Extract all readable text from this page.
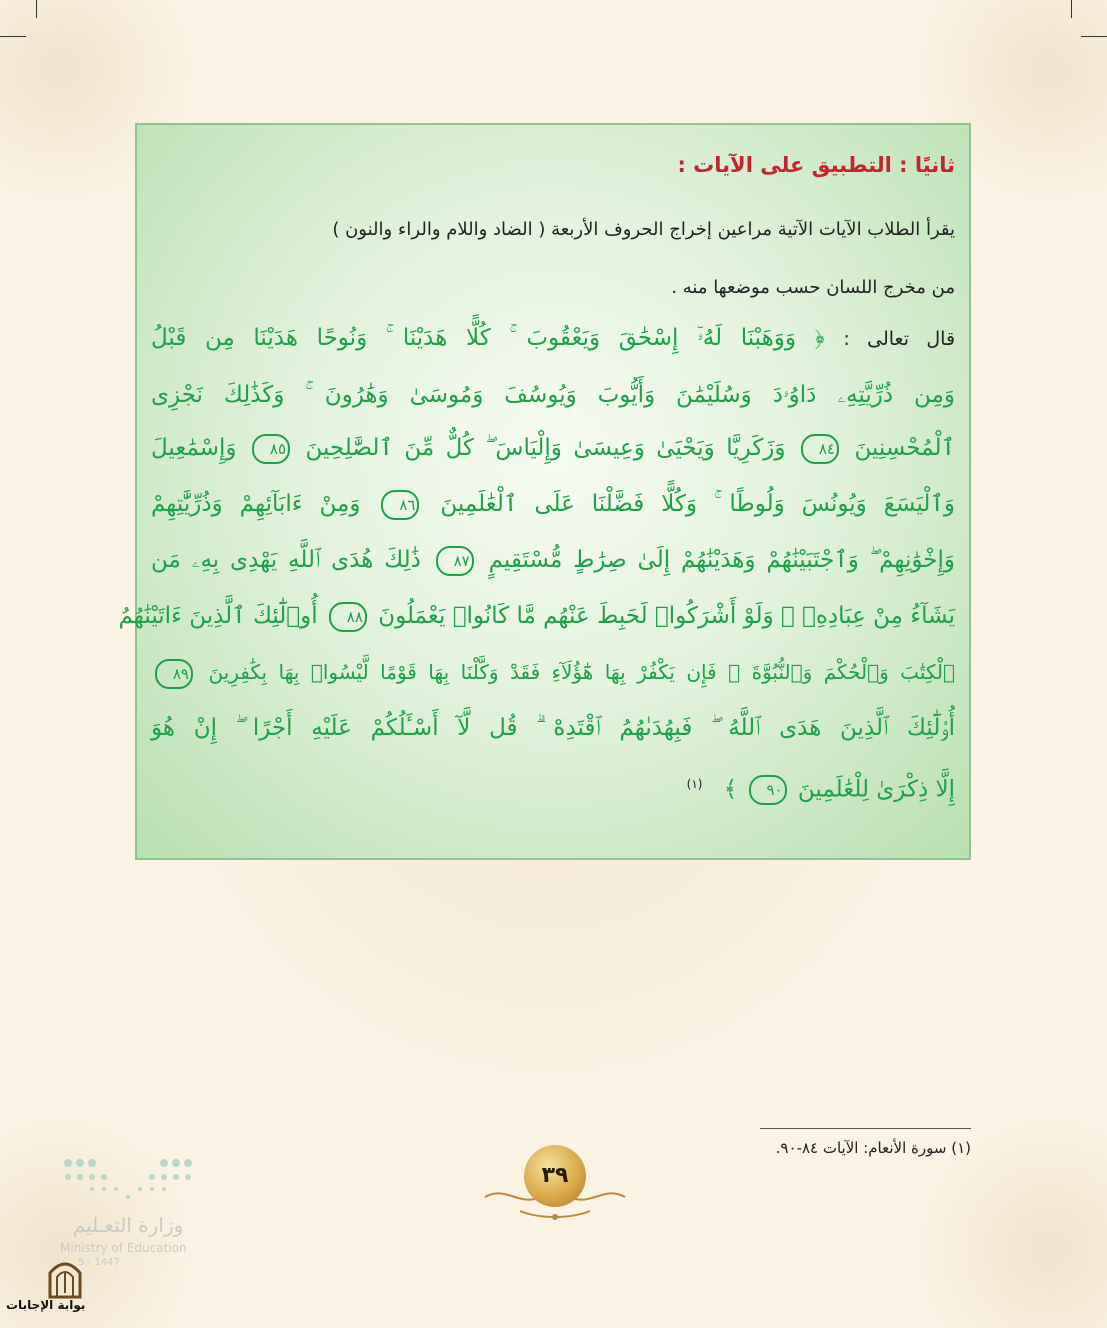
ثانيًا : التطبيق على الآيات :
يقرأ الطلاب الآيات الآتية مراعين إخراج الحروف الأربعة ( الضاد واللام والراء والنون )
من مخرج اللسان حسب موضعها منه .
قال تعالى : ﴿ وَوَهَبْنَا لَهُۥٓ إِسْحَٰقَ وَيَعْقُوبَ ۚ كُلًّا هَدَيْنَا ۚ وَنُوحًا هَدَيْنَا مِن قَبْلُ
وَمِن ذُرِّيَّتِهِۦ دَاوُۥدَ وَسُلَيْمَٰنَ وَأَيُّوبَ وَيُوسُفَ وَمُوسَىٰ وَهَٰرُونَ ۚ وَكَذَٰلِكَ نَجْزِى
ٱلْمُحْسِنِينَ ٨٤ وَزَكَرِيَّا وَيَحْيَىٰ وَعِيسَىٰ وَإِلْيَاسَ ۖ كُلٌّ مِّنَ ٱلصَّٰلِحِينَ ٨٥ وَإِسْمَٰعِيلَ
وَٱلْيَسَعَ وَيُونُسَ وَلُوطًا ۚ وَكُلًّا فَضَّلْنَا عَلَى ٱلْعَٰلَمِينَ ٨٦ وَمِنْ ءَابَآئِهِمْ وَذُرِّيَّٰتِهِمْ
وَإِخْوَٰنِهِمْ ۖ وَٱجْتَبَيْنَٰهُمْ وَهَدَيْنَٰهُمْ إِلَىٰ صِرَٰطٍ مُّسْتَقِيمٍ ٨٧ ذَٰلِكَ هُدَى ٱللَّهِ يَهْدِى بِهِۦ مَن
يَشَآءُ مِنْ عِبَادِهِۦ ۚ وَلَوْ أَشْرَكُوا۟ لَحَبِطَ عَنْهُم مَّا كَانُوا۟ يَعْمَلُونَ ٨٨ أُو۟لَٰٓئِكَ ٱلَّذِينَ ءَاتَيْنَٰهُمُ
ٱلْكِتَٰبَ وَٱلْحُكْمَ وَٱلنُّبُوَّةَ ۚ فَإِن يَكْفُرْ بِهَا هَٰٓؤُلَآءِ فَقَدْ وَكَّلْنَا بِهَا قَوْمًا لَّيْسُوا۟ بِهَا بِكَٰفِرِينَ ٨٩
أُو۟لَٰٓئِكَ ٱلَّذِينَ هَدَى ٱللَّهُ ۖ فَبِهُدَىٰهُمُ ٱقْتَدِهْ ۗ قُل لَّآ أَسْـَٔلُكُمْ عَلَيْهِ أَجْرًا ۖ إِنْ هُوَ
إِلَّا ذِكْرَىٰ لِلْعَٰلَمِينَ ٩٠ ﴾ $^{(١)}$
(١) سورة الأنعام: الآيات ٨٤-٩٠.
٣٩
وزارة التعـليم
Ministry of Education
5 - 1447
بوابة الإجابات
